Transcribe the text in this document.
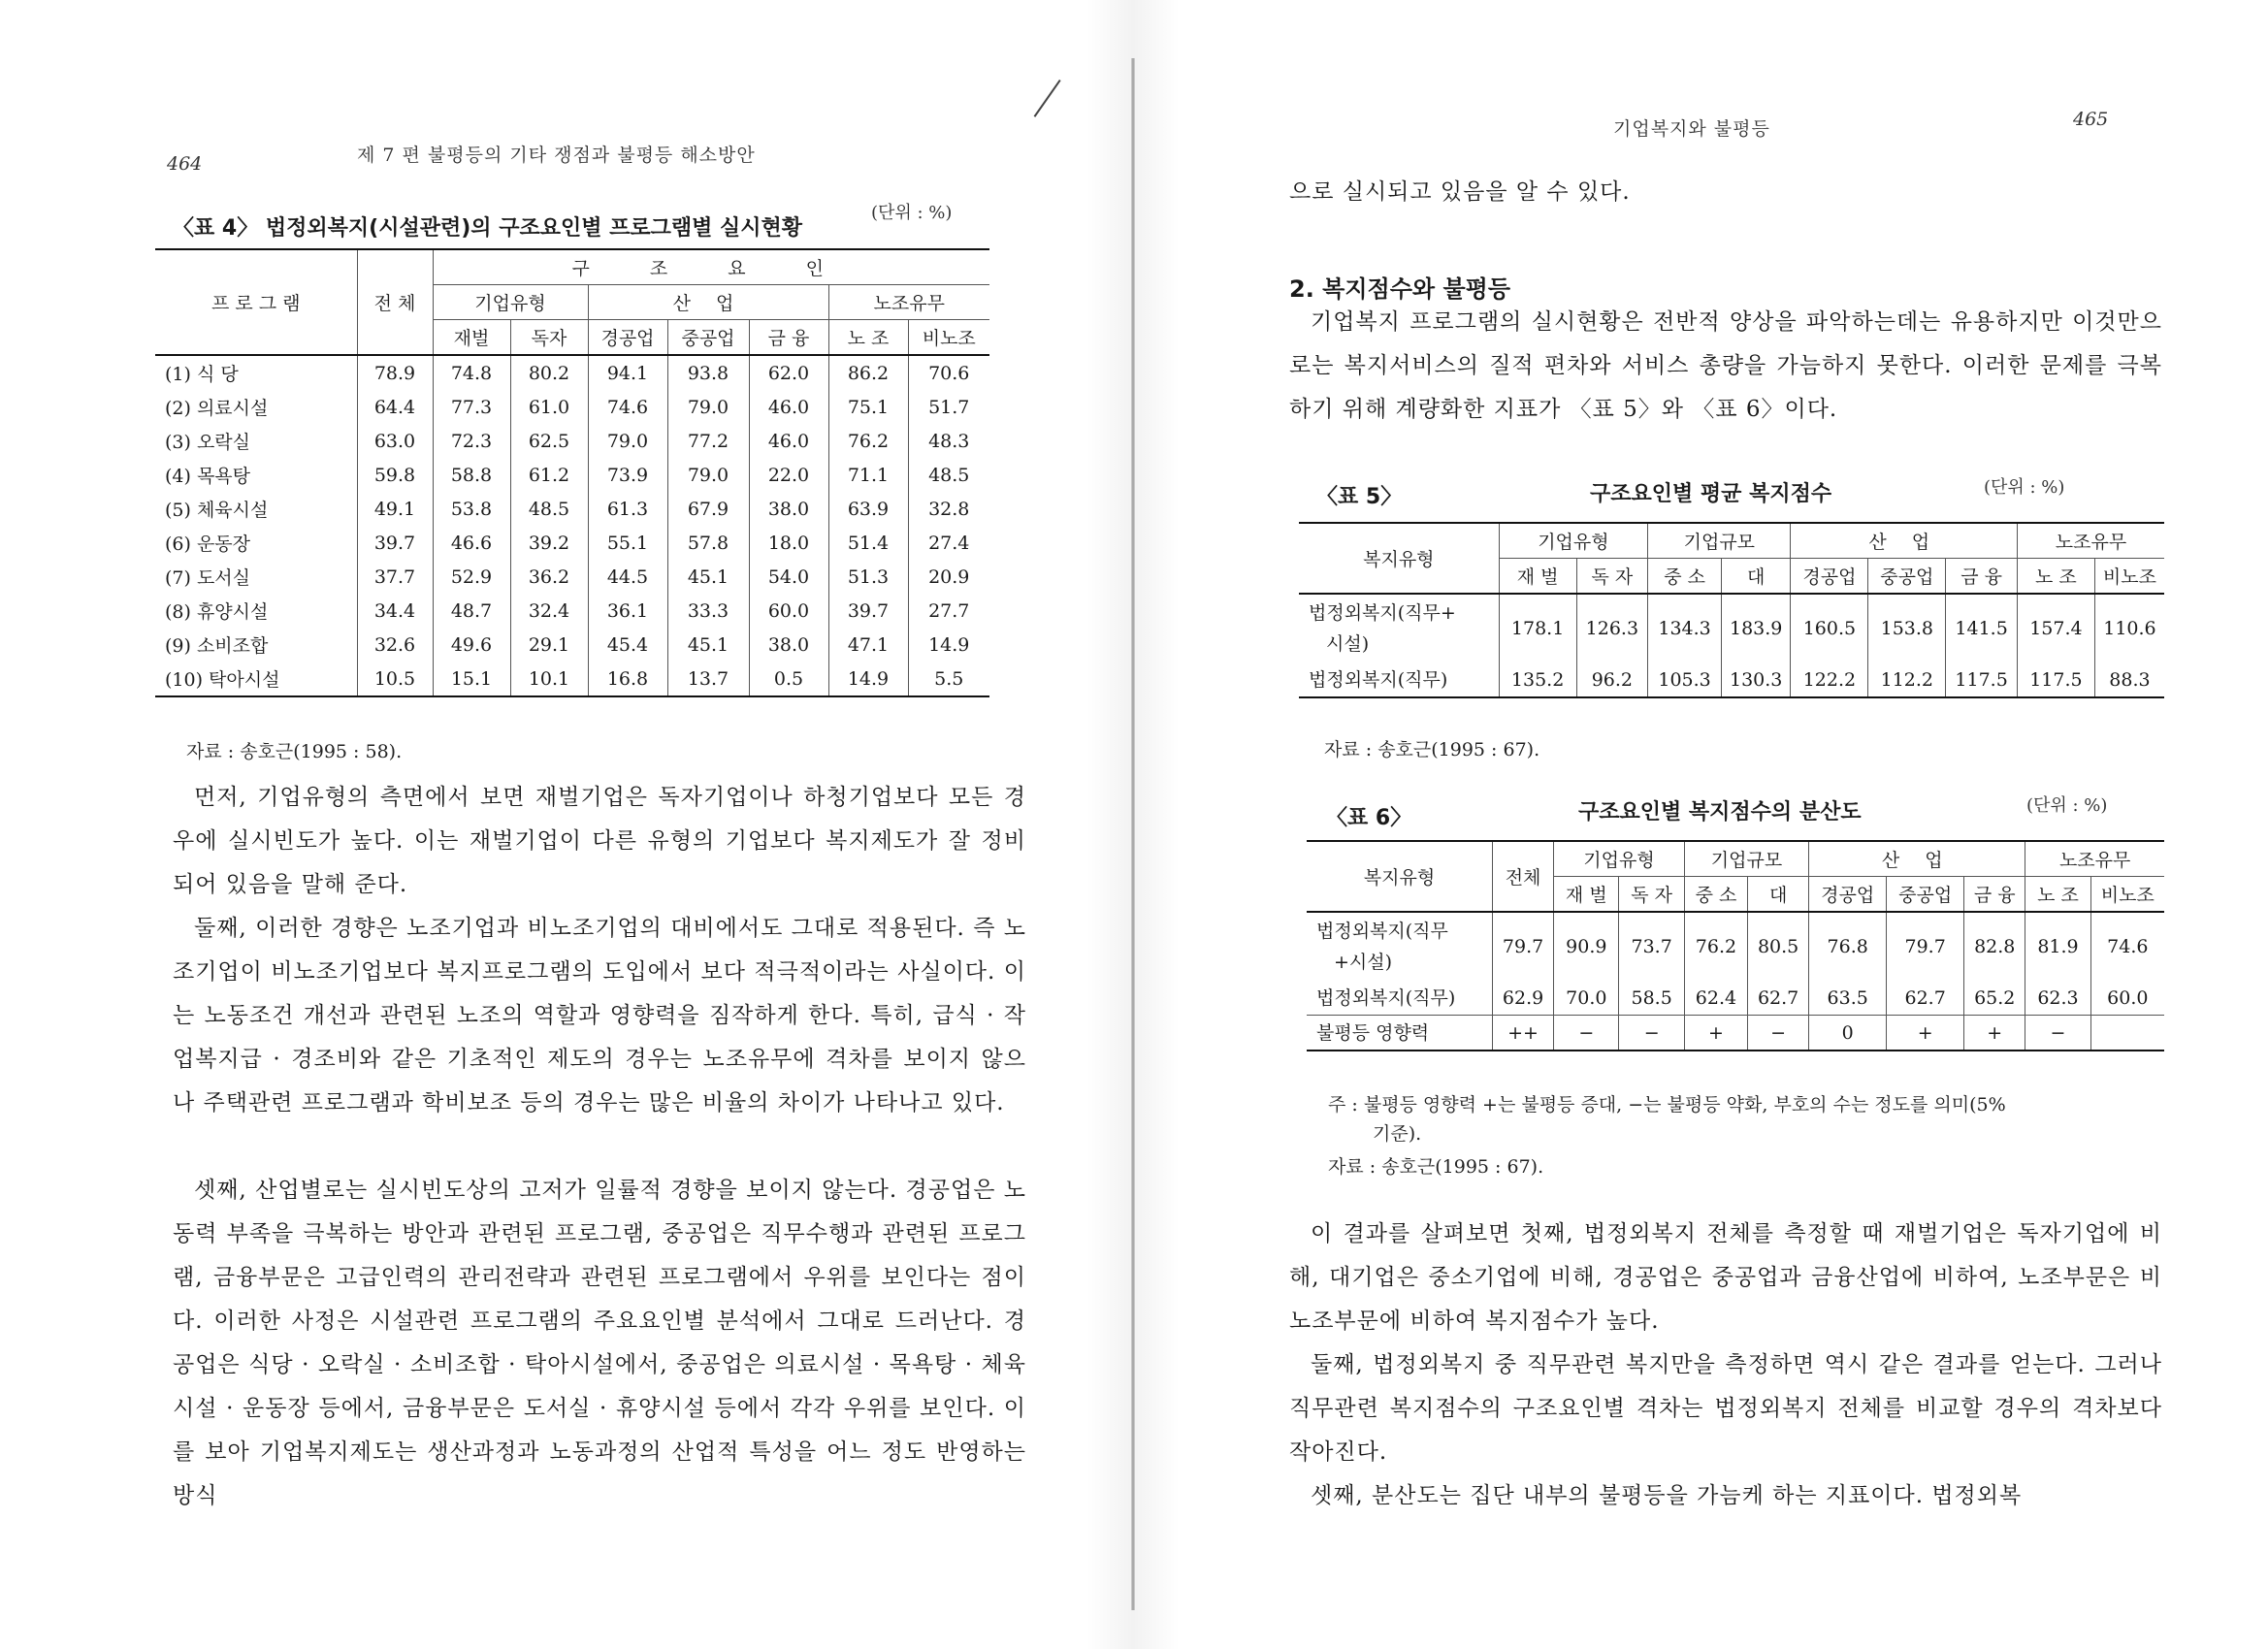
464	제 7 편 불평등의 기타 쟁점과 불평등 해소방안
〈표 4〉 법정외복지(시설관련)의 구조요인별 프로그램별 실시현황
(단위 : %)
프 로 그 램	전 체	구 조 요 인						
		기업유형		산 업			노조유무	
		재벌	독자	경공업	중공업	금 융	노 조	비노조
(1) 식 당	78.9	74.8	80.2	94.1	93.8	62.0	86.2	70.6
(2) 의료시설	64.4	77.3	61.0	74.6	79.0	46.0	75.1	51.7
(3) 오락실	63.0	72.3	62.5	79.0	77.2	46.0	76.2	48.3
(4) 목욕탕	59.8	58.8	61.2	73.9	79.0	22.0	71.1	48.5
(5) 체육시설	49.1	53.8	48.5	61.3	67.9	38.0	63.9	32.8
(6) 운동장	39.7	46.6	39.2	55.1	57.8	18.0	51.4	27.4
(7) 도서실	37.7	52.9	36.2	44.5	45.1	54.0	51.3	20.9
(8) 휴양시설	34.4	48.7	32.4	36.1	33.3	60.0	39.7	27.7
(9) 소비조합	32.6	49.6	29.1	45.4	45.1	38.0	47.1	14.9
(10) 탁아시설	10.5	15.1	10.1	16.8	13.7	0.5	14.9	5.5
자료 : 송호근(1995 : 58).

먼저, 기업유형의 측면에서 보면 재벌기업은 독자기업이나 하청기업보다 모든 경우에 실시빈도가 높다. 이는 재벌기업이 다른 유형의 기업보다 복지제도가 잘 정비되어 있음을 말해 준다.

둘째, 이러한 경향은 노조기업과 비노조기업의 대비에서도 그대로 적용된다. 즉 노조기업이 비노조기업보다 복지프로그램의 도입에서 보다 적극적이라는 사실이다. 이는 노동조건 개선과 관련된 노조의 역할과 영향력을 짐작하게 한다. 특히, 급식 · 작업복지급 · 경조비와 같은 기초적인 제도의 경우는 노조유무에 격차를 보이지 않으나 주택관련 프로그램과 학비보조 등의 경우는 많은 비율의 차이가 나타나고 있다.

셋째, 산업별로는 실시빈도상의 고저가 일률적 경향을 보이지 않는다. 경공업은 노동력 부족을 극복하는 방안과 관련된 프로그램, 중공업은 직무수행과 관련된 프로그램, 금융부문은 고급인력의 관리전략과 관련된 프로그램에서 우위를 보인다는 점이다. 이러한 사정은 시설관련 프로그램의 주요요인별 분석에서 그대로 드러난다. 경공업은 식당 · 오락실 · 소비조합 · 탁아시설에서, 중공업은 의료시설 · 목욕탕 · 체육시설 · 운동장 등에서, 금융부문은 도서실 · 휴양시설 등에서 각각 우위를 보인다. 이를 보아 기업복지제도는 생산과정과 노동과정의 산업적 특성을 어느 정도 반영하는 방식

기업복지와 불평등	465

으로 실시되고 있음을 알 수 있다.

2. 복지점수와 불평등

기업복지 프로그램의 실시현황은 전반적 양상을 파악하는데는 유용하지만 이것만으로는 복지서비스의 질적 편차와 서비스 총량을 가늠하지 못한다. 이러한 문제를 극복하기 위해 계량화한 지표가 〈표 5〉와 〈표 6〉이다.

〈표 5〉	구조요인별 평균 복지점수	(단위 : %)
복지유형	기업유형		기업규모		산 업			노조유무	
	재 벌	독 자	중 소	대	경공업	중공업	금 융	노 조	비노조

법정외복지(직무+
시설)	178.1	126.3	134.3	183.9	160.5	153.8	141.5	157.4	110.6

법정외복지(직무)	135.2	96.2	105.3	130.3	122.2	112.2	117.5	117.5	88.3
자료 : 송호근(1995 : 67).
〈표 6〉	구조요인별 복지점수의 분산도	(단위 : %)
복지유형	전체	기업유형		기업규모		산 업			노조유무	
		재 벌	독 자	중 소	대	경공업	중공업	금 융	노 조	비노조

법정외복지(직무
+시설)	79.7	90.9	73.7	76.2	80.5	76.8	79.7	82.8	81.9	74.6

법정외복지(직무)	62.9	70.0	58.5	62.4	62.7	63.5	62.7	65.2	62.3	60.0

불평등 영향력	++	−	−	+	−	0	+	+	−	
주 : 불평등 영향력 +는 불평등 증대, −는 불평등 약화, 부호의 수는 정도를 의미(5%
기준).
자료 : 송호근(1995 : 67).

이 결과를 살펴보면 첫째, 법정외복지 전체를 측정할 때 재벌기업은 독자기업에 비해, 대기업은 중소기업에 비해, 경공업은 중공업과 금융산업에 비하여, 노조부문은 비노조부문에 비하여 복지점수가 높다.

둘째, 법정외복지 중 직무관련 복지만을 측정하면 역시 같은 결과를 얻는다. 그러나 직무관련 복지점수의 구조요인별 격차는 법정외복지 전체를 비교할 경우의 격차보다 작아진다.

셋째, 분산도는 집단 내부의 불평등을 가늠케 하는 지표이다. 법정외복
